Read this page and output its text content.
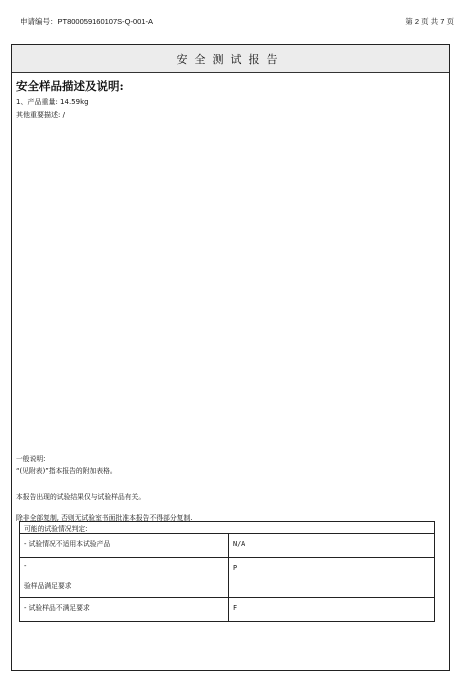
申请编号：PT800059160107S-Q-001-A	第 2 页 共 7 页
安全测试报告
安全样品描述及说明:
1、产品重量: 14.59kg
其他重要描述: /
一般说明:
“(见附表)”指本报告的附加表格。
本报告出现的试验结果仅与试验样品有关。
除非全部复制, 否则无试验室书面批准本报告不得部分复制.
可能的试验情况判定:	

- 试验情况不适用本试验产品	N/A

-
验样品满足要求	P

- 试验样品不满足要求	F
